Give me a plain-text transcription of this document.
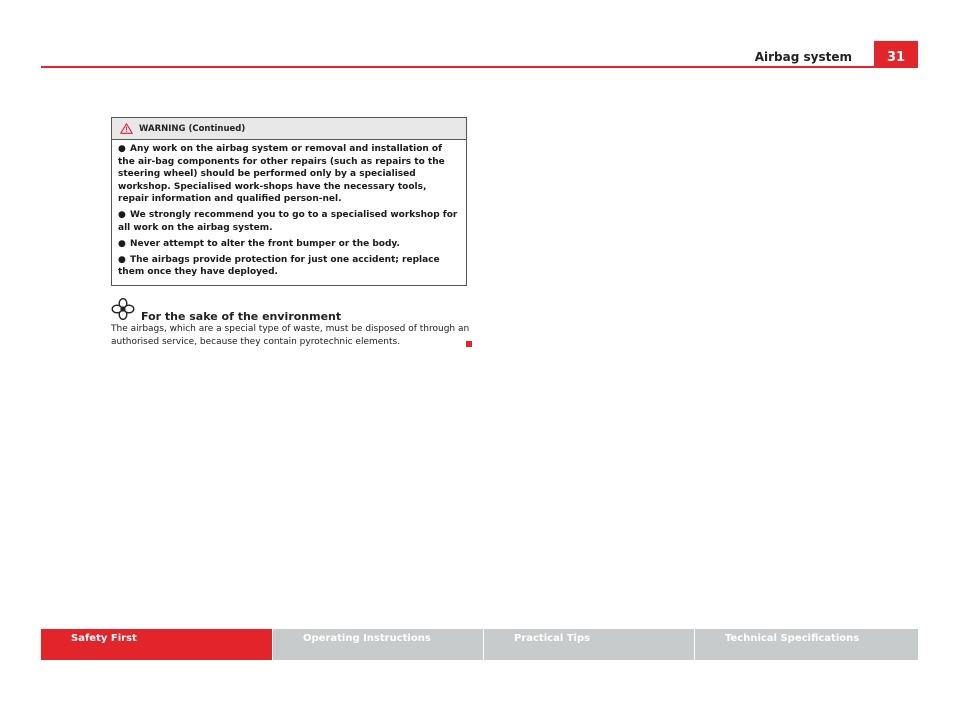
Airbag system	31
WARNING (Continued)

● Any work on the airbag system or removal and installation of the air-bag components for other repairs (such as repairs to the steering wheel) should be performed only by a specialised workshop. Specialised work-shops have the necessary tools, repair information and qualified person-nel.

● We strongly recommend you to go to a specialised workshop for all work on the airbag system.

● Never attempt to alter the front bumper or the body.

● The airbags provide protection for just one accident; replace them once they have deployed.

For the sake of the environment
The airbags, which are a special type of waste, must be disposed of through an authorised service, because they contain pyrotechnic elements.
Safety First	Operating Instructions	Practical Tips	Technical Specifications
